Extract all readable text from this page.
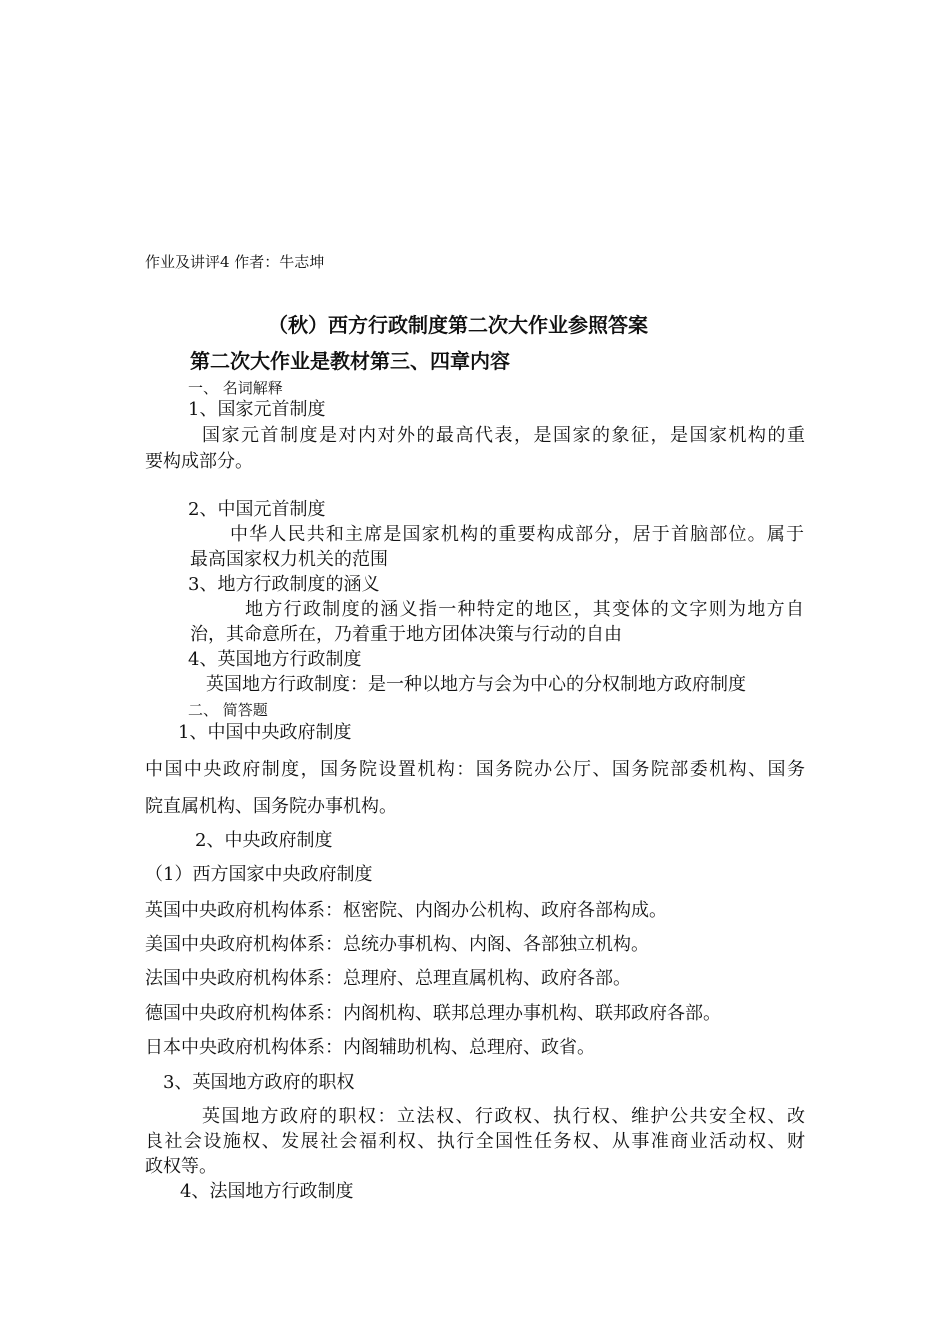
作业及讲评4 作者：牛志坤
（秋）西方行政制度第二次大作业参照答案
第二次大作业是教材第三、四章内容
一、 名词解释
1、国家元首制度
国家元首制度是对内对外的最高代表，是国家的象征，是国家机构的重
要构成部分。
2、中国元首制度
中华人民共和主席是国家机构的重要构成部分，居于首脑部位。属于
最高国家权力机关的范围
3、地方行政制度的涵义
地方行政制度的涵义指一种特定的地区，其变体的文字则为地方自
治，其命意所在，乃着重于地方团体决策与行动的自由
4、英国地方行政制度
英国地方行政制度：是一种以地方与会为中心的分权制地方政府制度
二、 简答题
1、中国中央政府制度
中国中央政府制度，国务院设置机构：国务院办公厅、国务院部委机构、国务
院直属机构、国务院办事机构。
2、中央政府制度
（1）西方国家中央政府制度
英国中央政府机构体系：枢密院、内阁办公机构、政府各部构成。
美国中央政府机构体系：总统办事机构、内阁、各部独立机构。
法国中央政府机构体系：总理府、总理直属机构、政府各部。
德国中央政府机构体系：内阁机构、联邦总理办事机构、联邦政府各部。
日本中央政府机构体系：内阁辅助机构、总理府、政省。
3、英国地方政府的职权
英国地方政府的职权：立法权、行政权、执行权、维护公共安全权、改
良社会设施权、发展社会福利权、执行全国性任务权、从事准商业活动权、财
政权等。
4、法国地方行政制度
